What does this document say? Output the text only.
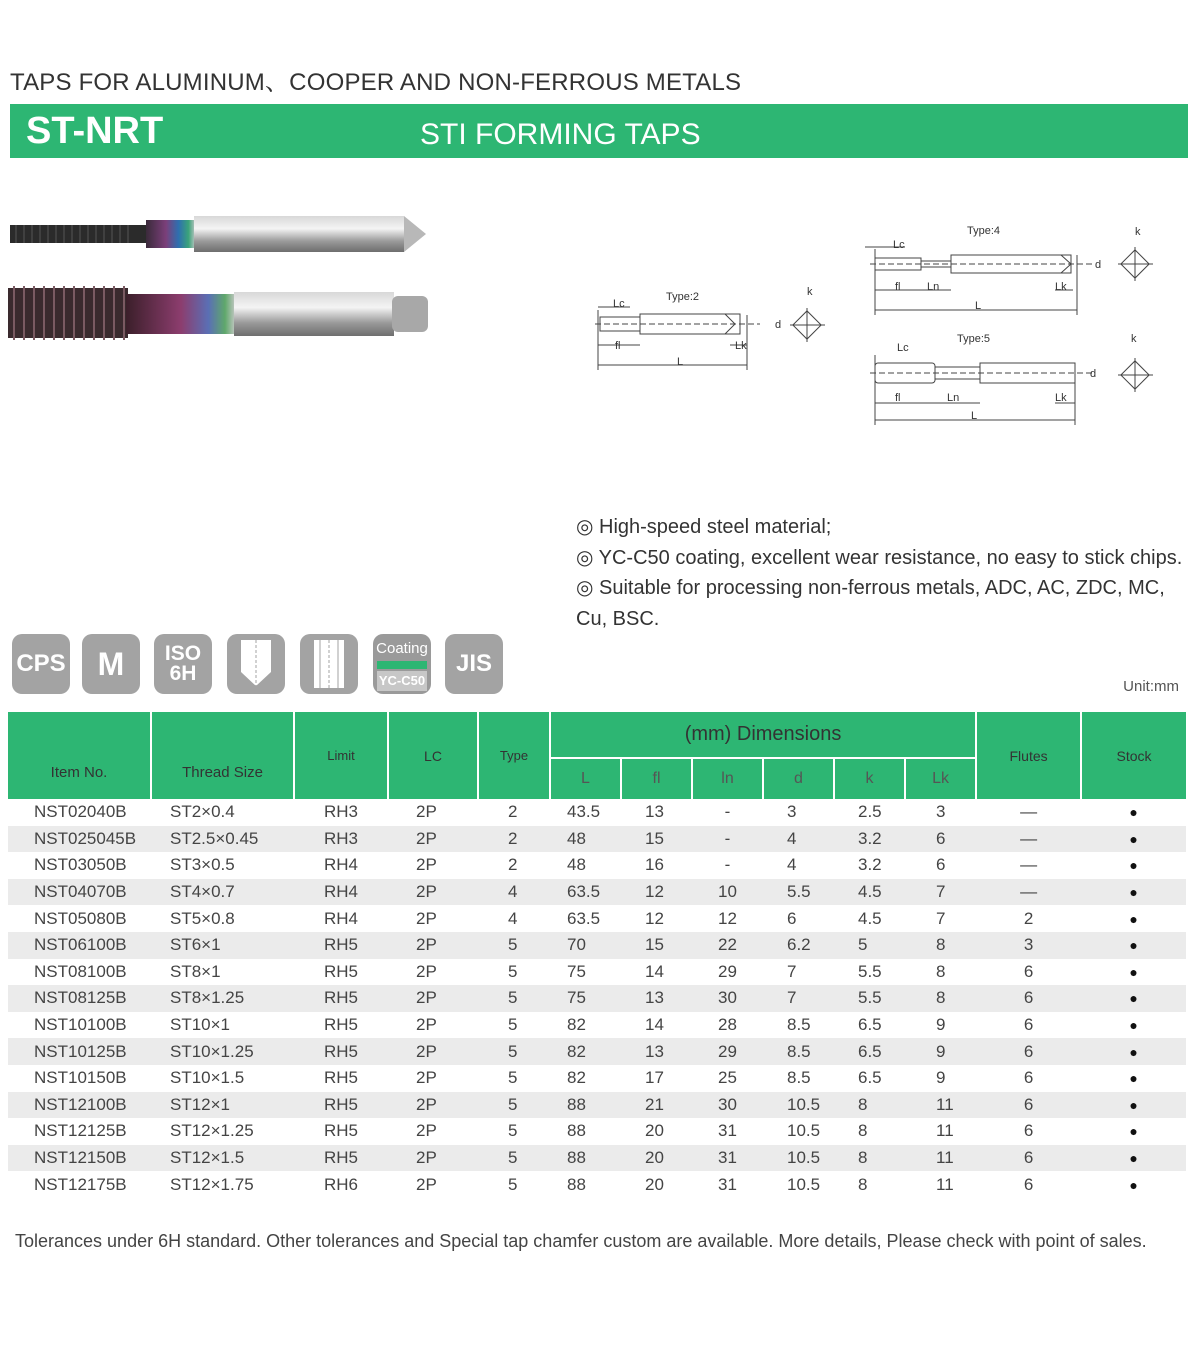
TAPS FOR ALUMINUM、COOPER AND NON-FERROUS METALS
ST-NRT	STI FORMING TAPS
Type:2
Lc
fl	Lk
L
d
k
Type:4
Lc
fl Ln	Lk
L
d
k
Type:5
Lc
fl	Ln	Lk
L
d
k
◎ High-speed steel material;
◎ YC-C50 coating, excellent wear resistance, no easy to stick chips.
◎ Suitable for processing non-ferrous metals, ADC, AC, ZDC, MC, Cu, BSC.
CPS	M	ISO
6H
Coating
YC-C50
JIS
Unit:mm
Item No.	Thread Size	Limit	LC	Type	(mm) Dimensions						Flutes	Stock
					L	fl	ln	d	k	Lk		
NST02040B	ST2×0.4	RH3	2P	2	43.5	13	-	3	2.5	3	—	●
NST025045B	ST2.5×0.45	RH3	2P	2	48	15	-	4	3.2	6	—	●
NST03050B	ST3×0.5	RH4	2P	2	48	16	-	4	3.2	6	—	●
NST04070B	ST4×0.7	RH4	2P	4	63.5	12	10	5.5	4.5	7	—	●
NST05080B	ST5×0.8	RH4	2P	4	63.5	12	12	6	4.5	7	2	●
NST06100B	ST6×1	RH5	2P	5	70	15	22	6.2	5	8	3	●
NST08100B	ST8×1	RH5	2P	5	75	14	29	7	5.5	8	6	●
NST08125B	ST8×1.25	RH5	2P	5	75	13	30	7	5.5	8	6	●
NST10100B	ST10×1	RH5	2P	5	82	14	28	8.5	6.5	9	6	●
NST10125B	ST10×1.25	RH5	2P	5	82	13	29	8.5	6.5	9	6	●
NST10150B	ST10×1.5	RH5	2P	5	82	17	25	8.5	6.5	9	6	●
NST12100B	ST12×1	RH5	2P	5	88	21	30	10.5	8	11	6	●
NST12125B	ST12×1.25	RH5	2P	5	88	20	31	10.5	8	11	6	●
NST12150B	ST12×1.5	RH5	2P	5	88	20	31	10.5	8	11	6	●
NST12175B	ST12×1.75	RH6	2P	5	88	20	31	10.5	8	11	6	●
Tolerances under 6H standard. Other tolerances and Special tap chamfer custom are available. More details, Please check with point of sales.
